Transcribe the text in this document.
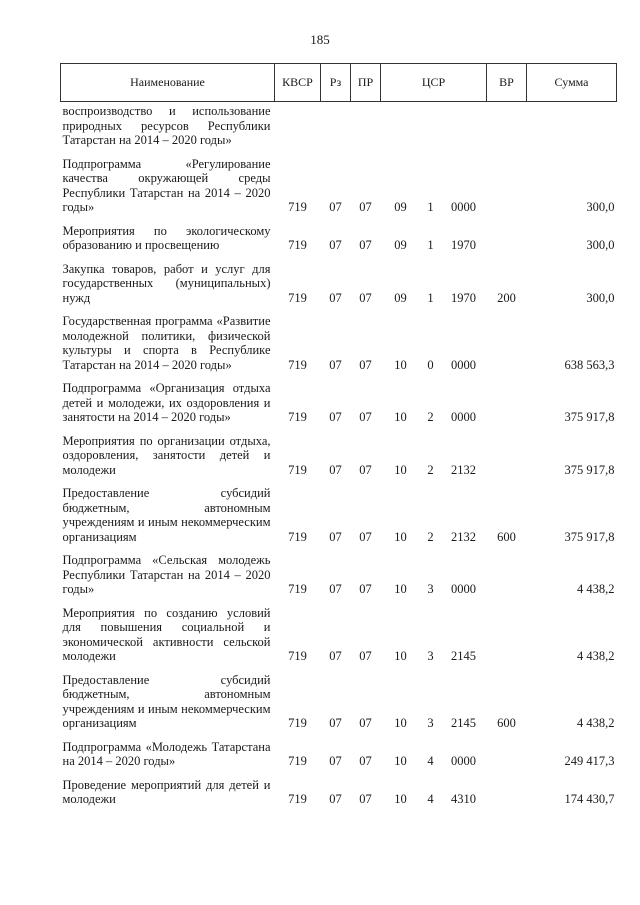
185
Наименование	КВСР	Рз	ПР	ЦСР			ВР	Сумма
воспроизводство и использование природных ресурсов Республики Татарстан на 2014 – 2020 годы»								
Подпрограмма «Регулирование качества окружающей среды Республики Татарстан на 2014 – 2020 годы»	719	07	07	09	1	0000		300,0
Мероприятия по экологическому образованию и просвещению	719	07	07	09	1	1970		300,0
Закупка товаров, работ и услуг для государственных (муниципальных) нужд	719	07	07	09	1	1970	200	300,0
Государственная программа «Развитие молодежной политики, физической культуры и спорта в Республике Татарстан на 2014 – 2020 годы»	719	07	07	10	0	0000		638 563,3
Подпрограмма «Организация отдыха детей и молодежи, их оздоровления и занятости на 2014 – 2020 годы»	719	07	07	10	2	0000		375 917,8
Мероприятия по организации отдыха, оздоровления, занятости детей и молодежи	719	07	07	10	2	2132		375 917,8
Предоставление субсидий бюджетным, автономным учреждениям и иным некоммерческим организациям	719	07	07	10	2	2132	600	375 917,8
Подпрограмма «Сельская молодежь Республики Татарстан на 2014 – 2020 годы»	719	07	07	10	3	0000		4 438,2
Мероприятия по созданию условий для повышения социальной и экономической активности сельской молодежи	719	07	07	10	3	2145		4 438,2
Предоставление субсидий бюджетным, автономным учреждениям и иным некоммерческим организациям	719	07	07	10	3	2145	600	4 438,2
Подпрограмма «Молодежь Татарстана на 2014 – 2020 годы»	719	07	07	10	4	0000		249 417,3
Проведение мероприятий для детей и молодежи	719	07	07	10	4	4310		174 430,7
